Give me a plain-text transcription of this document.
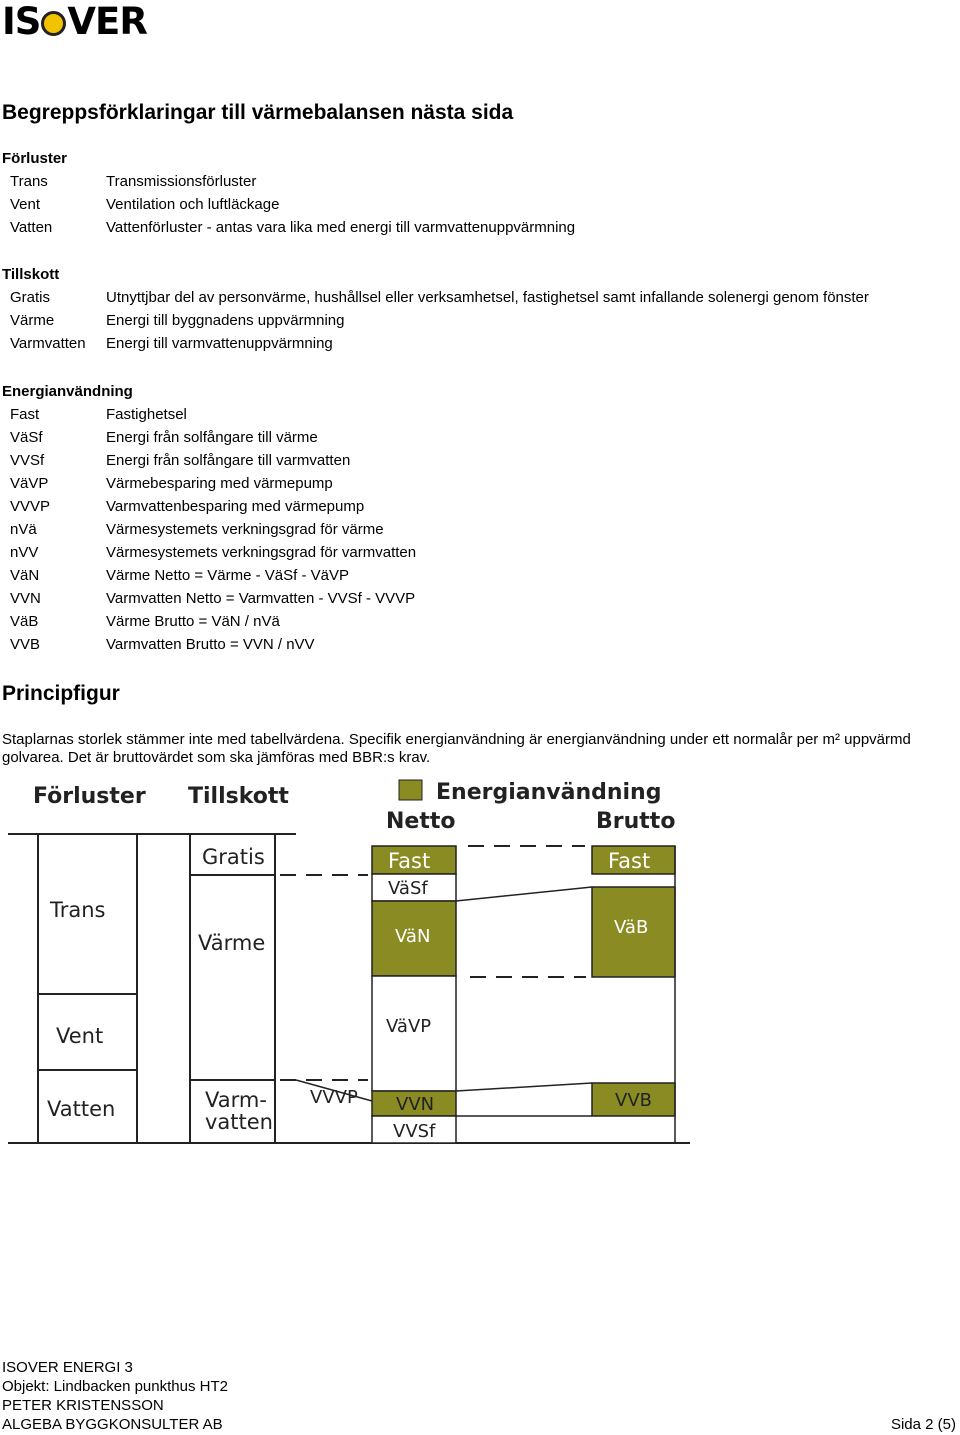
IS VER
Begreppsförklaringar till värmebalansen nästa sida
Förluster
Trans	Transmissionsförluster
Vent	Ventilation och luftläckage
Vatten	Vattenförluster - antas vara lika med energi till varmvattenuppvärmning
Tillskott
Gratis	Utnyttjbar del av personvärme, hushållsel eller verksamhetsel, fastighetsel samt infallande solenergi genom fönster
Värme	Energi till byggnadens uppvärmning
Varmvatten	Energi till varmvattenuppvärmning
Energianvändning
Fast	Fastighetsel
VäSf	Energi från solfångare till värme
VVSf	Energi från solfångare till varmvatten
VäVP	Värmebesparing med värmepump
VVVP	Varmvattenbesparing med värmepump
nVä	Värmesystemets verkningsgrad för värme
nVV	Värmesystemets verkningsgrad för varmvatten
VäN	Värme Netto = Värme - VäSf - VäVP
VVN	Varmvatten Netto = Varmvatten - VVSf - VVVP
VäB	Värme Brutto = VäN / nVä
VVB	Varmvatten Brutto = VVN / nVV
Principfigur

Staplarnas storlek stämmer inte med tabellvärdena. Specifik energianvändning är energianvändning under ett normalår per m² uppvärmd golvarea. Det är bruttovärdet som ska jämföras med BBR:s krav.

Förluster Tillskott	Energianvändning
Netto	Brutto
Trans
Vent
Vatten
Gratis
Värme
Varm-
vatten
Fast
VäSf
VäN
VäVP
VVN
VVSf
Fast
VäB
VVB
VVVP
ISOVER ENERGI 3
Objekt: Lindbacken punkthus HT2
PETER KRISTENSSON
ALGEBA BYGGKONSULTER AB	Sida 2 (5)
